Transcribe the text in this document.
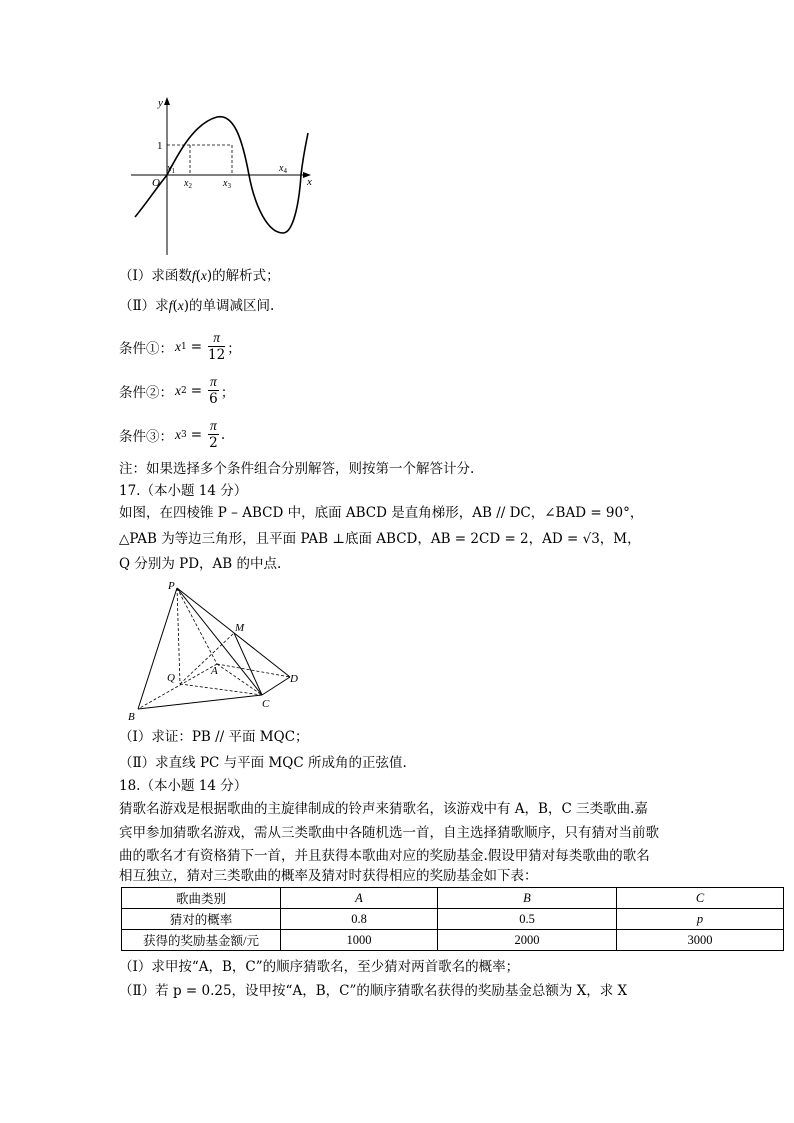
y
x
1
O
$x_1$
$x_2$	$x_3$
$x_4$
（Ⅰ）求函数f(x)的解析式；
（Ⅱ）求f(x)的单调减区间.
条件①： x $1 = \frac{\pi}{12}$ ；
条件②： x $2 = \frac{\pi}{6}$ ；
条件③： x $3 = \frac{\pi}{2}$ .
注：如果选择多个条件组合分别解答，则按第一个解答计分.
17.（本小题 14 分）
如图，在四棱锥 P – ABCD 中，底面 ABCD 是直角梯形，AB // DC，∠BAD = 90°，
△PAB 为等边三角形，且平面 PAB ⊥底面 ABCD，AB = 2CD = 2，AD = √3，M，
Q 分别为 PD，AB 的中点.
P
M
Q
A
D
C
B
（Ⅰ）求证：PB // 平面 MQC；
（Ⅱ）求直线 PC 与平面 MQC 所成角的正弦值.
18.（本小题 14 分）
猜歌名游戏是根据歌曲的主旋律制成的铃声来猜歌名，该游戏中有 A，B，C 三类歌曲.嘉
宾甲参加猜歌名游戏，需从三类歌曲中各随机选一首，自主选择猜歌顺序，只有猜对当前歌
曲的歌名才有资格猜下一首，并且获得本歌曲对应的奖励基金.假设甲猜对每类歌曲的歌名
相互独立，猜对三类歌曲的概率及猜对时获得相应的奖励基金如下表：
歌曲类别	A	B	C
猜对的概率	0.8	0.5	p
获得的奖励基金额/元	1000	2000	3000
（Ⅰ）求甲按“A，B，C”的顺序猜歌名，至少猜对两首歌名的概率；
（Ⅱ）若 p = 0.25，设甲按“A，B，C”的顺序猜歌名获得的奖励基金总额为 X，求 X
